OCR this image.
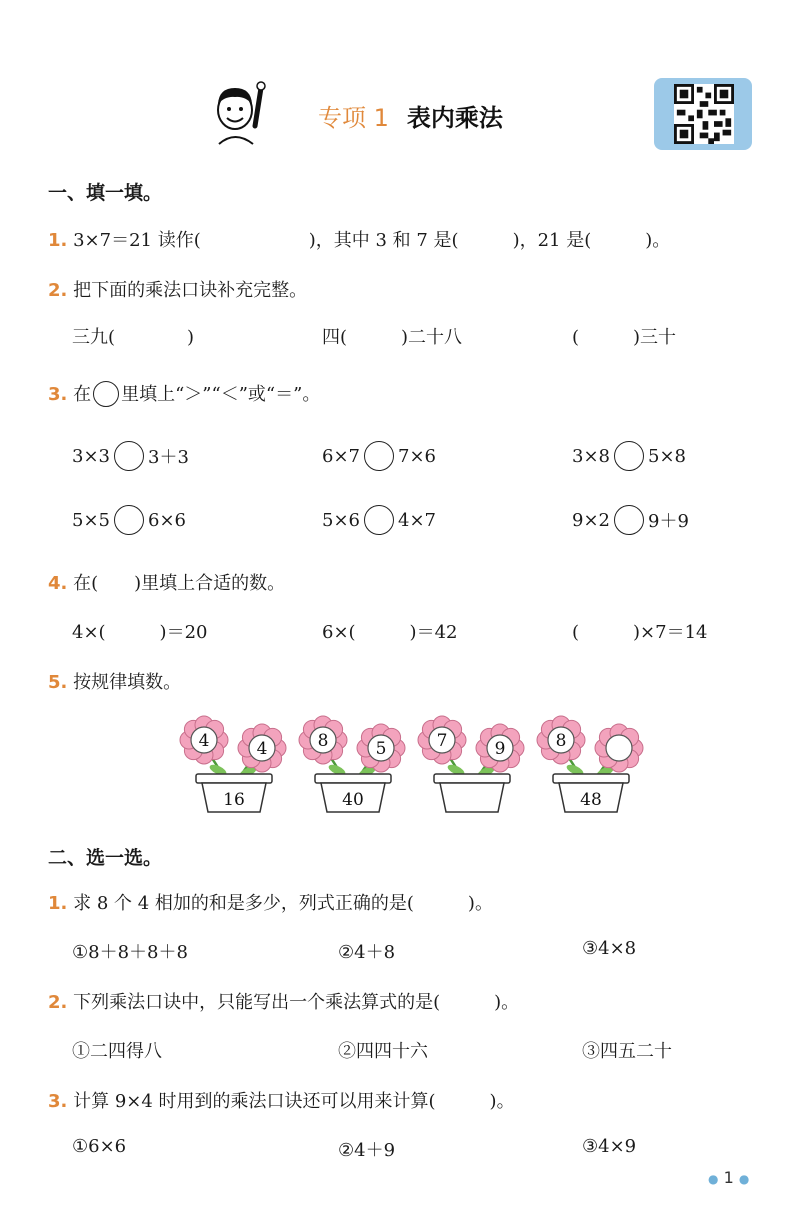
专项 1 表内乘法
一、填一填。
1. 3×7＝21 读作(　　　　　　)，其中 3 和 7 是(　　　)，21 是(　　　)。
2. 把下面的乘法口诀补充完整。
三九(　　　　)	四(　　　)二十八	(　　　)三十
3. 在 里填上“＞”“＜”或“＝”。
3×3 3＋3	6×7 7×6	3×8 5×8
5×5 6×6	5×6 4×7	9×2 9＋9
4. 在(　　)里填上合适的数。
4×(　　　)＝20	6×(　　　)＝42	(　　　)×7＝14
5. 按规律填数。
4	4
16
8	5
40
7	9	8
48
二、选一选。
1. 求 8 个 4 相加的和是多少，列式正确的是(　　　)。
①8＋8＋8＋8	②4＋8	③4×8
2. 下列乘法口诀中，只能写出一个乘法算式的是(　　　)。
①二四得八	②四四十六	③四五二十
3. 计算 9×4 时用到的乘法口诀还可以用来计算(　　　)。
①6×6	②4＋9	③4×9
● 1 ●
